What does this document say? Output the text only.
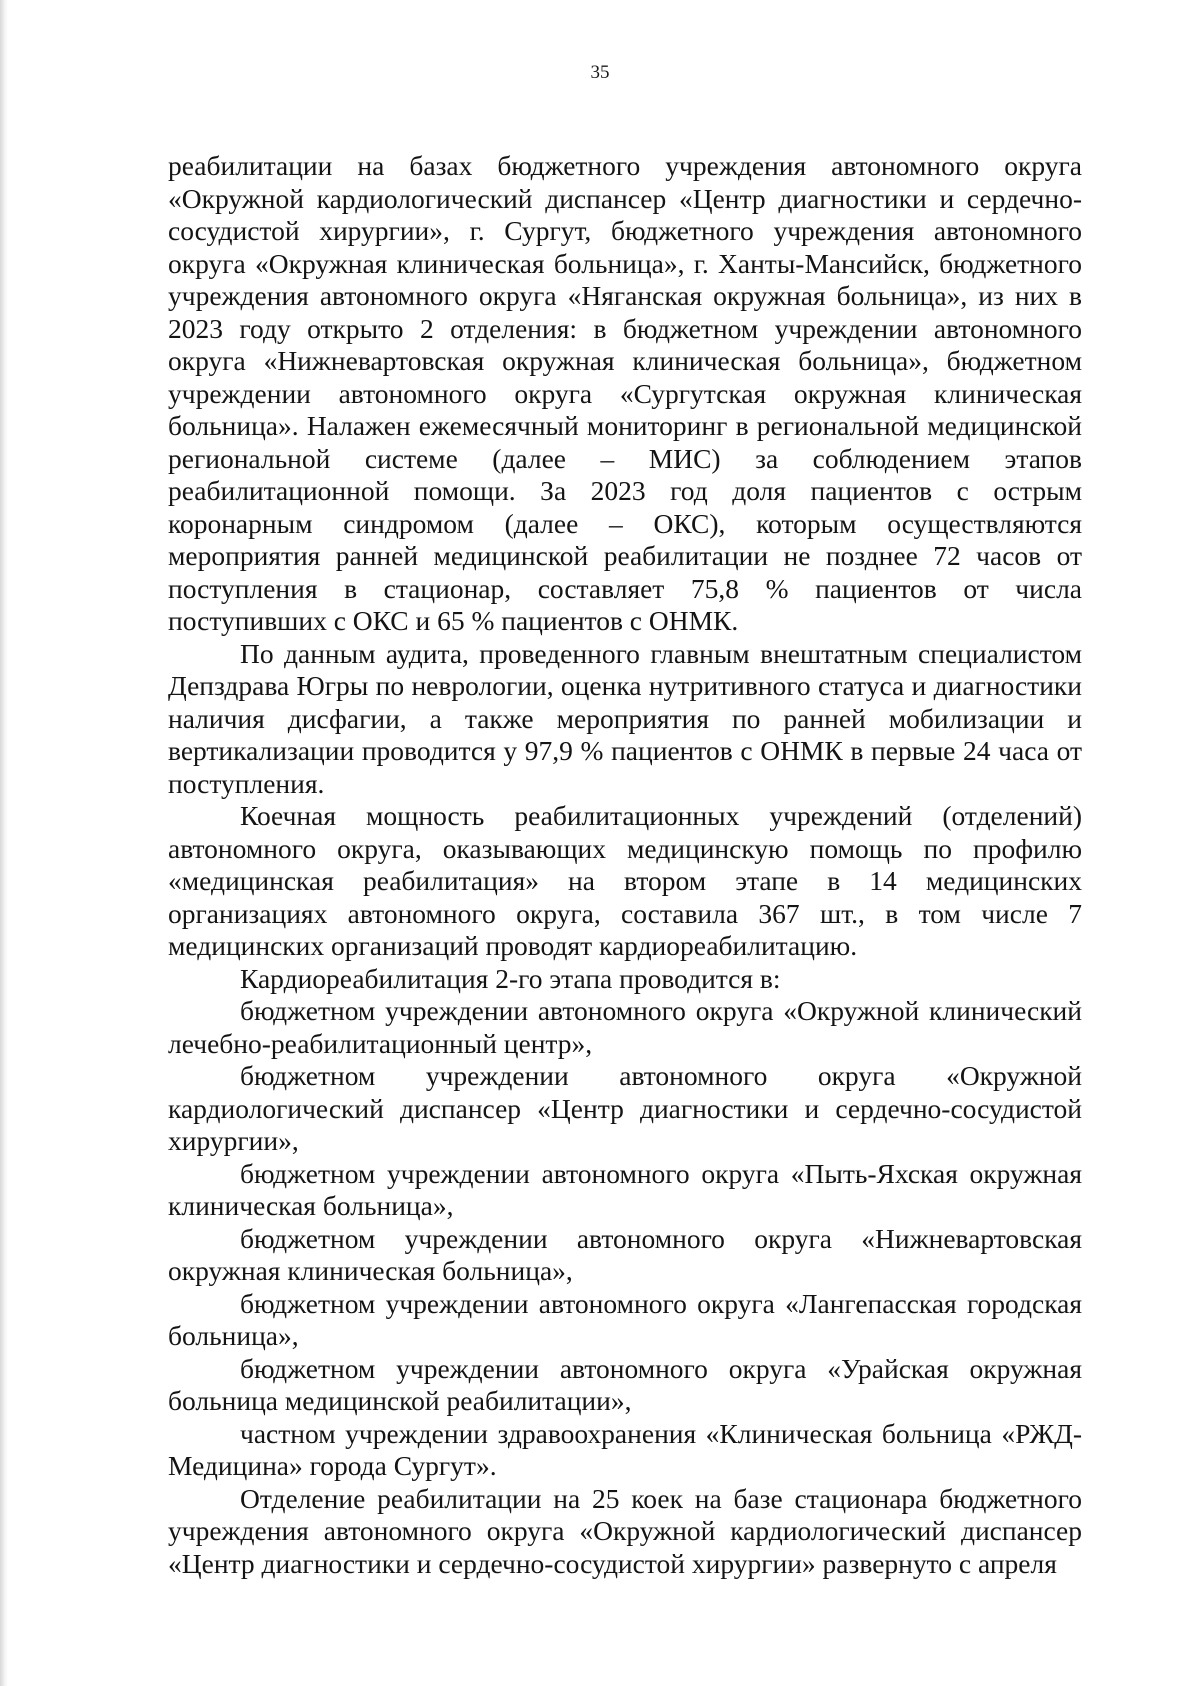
35

реабилитации на базах бюджетного учреждения автономного округа «Окружной кардиологический диспансер «Центр диагностики и сердечно-сосудистой хирургии», г. Сургут, бюджетного учреждения автономного округа «Окружная клиническая больница», г. Ханты-Мансийск, бюджетного учреждения автономного округа «Няганская окружная больница», из них в 2023 году открыто 2 отделения: в бюджетном учреждении автономного округа «Нижневартовская окружная клиническая больница», бюджетном учреждении автономного округа «Сургутская окружная клиническая больница». Налажен ежемесячный мониторинг в региональной медицинской региональной системе (далее – МИС) за соблюдением этапов реабилитационной помощи. За 2023 год доля пациентов с острым коронарным синдромом (далее – ОКС), которым осуществляются мероприятия ранней медицинской реабилитации не позднее 72 часов от поступления в стационар, составляет 75,8 % пациентов от числа поступивших с ОКС и 65 % пациентов с ОНМК.

По данным аудита, проведенного главным внештатным специалистом Депздрава Югры по неврологии, оценка нутритивного статуса и диагностики наличия дисфагии, а также мероприятия по ранней мобилизации и вертикализации проводится у 97,9 % пациентов с ОНМК в первые 24 часа от поступления.

Коечная мощность реабилитационных учреждений (отделений) автономного округа, оказывающих медицинскую помощь по профилю «медицинская реабилитация» на втором этапе в 14 медицинских организациях автономного округа, составила 367 шт., в том числе 7 медицинских организаций проводят кардиореабилитацию.

Кардиореабилитация 2-го этапа проводится в:

бюджетном учреждении автономного округа «Окружной клинический лечебно-реабилитационный центр»,

бюджетном учреждении автономного округа «Окружной кардиологический диспансер «Центр диагностики и сердечно-сосудистой хирургии»,

бюджетном учреждении автономного округа «Пыть-Яхская окружная клиническая больница»,

бюджетном учреждении автономного округа «Нижневартовская окружная клиническая больница»,

бюджетном учреждении автономного округа «Лангепасская городская больница»,

бюджетном учреждении автономного округа «Урайская окружная больница медицинской реабилитации»,

частном учреждении здравоохранения «Клиническая больница «РЖД-Медицина» города Сургут».

Отделение реабилитации на 25 коек на базе стационара бюджетного учреждения автономного округа «Окружной кардиологический диспансер «Центр диагностики и сердечно-сосудистой хирургии» развернуто с апреля
